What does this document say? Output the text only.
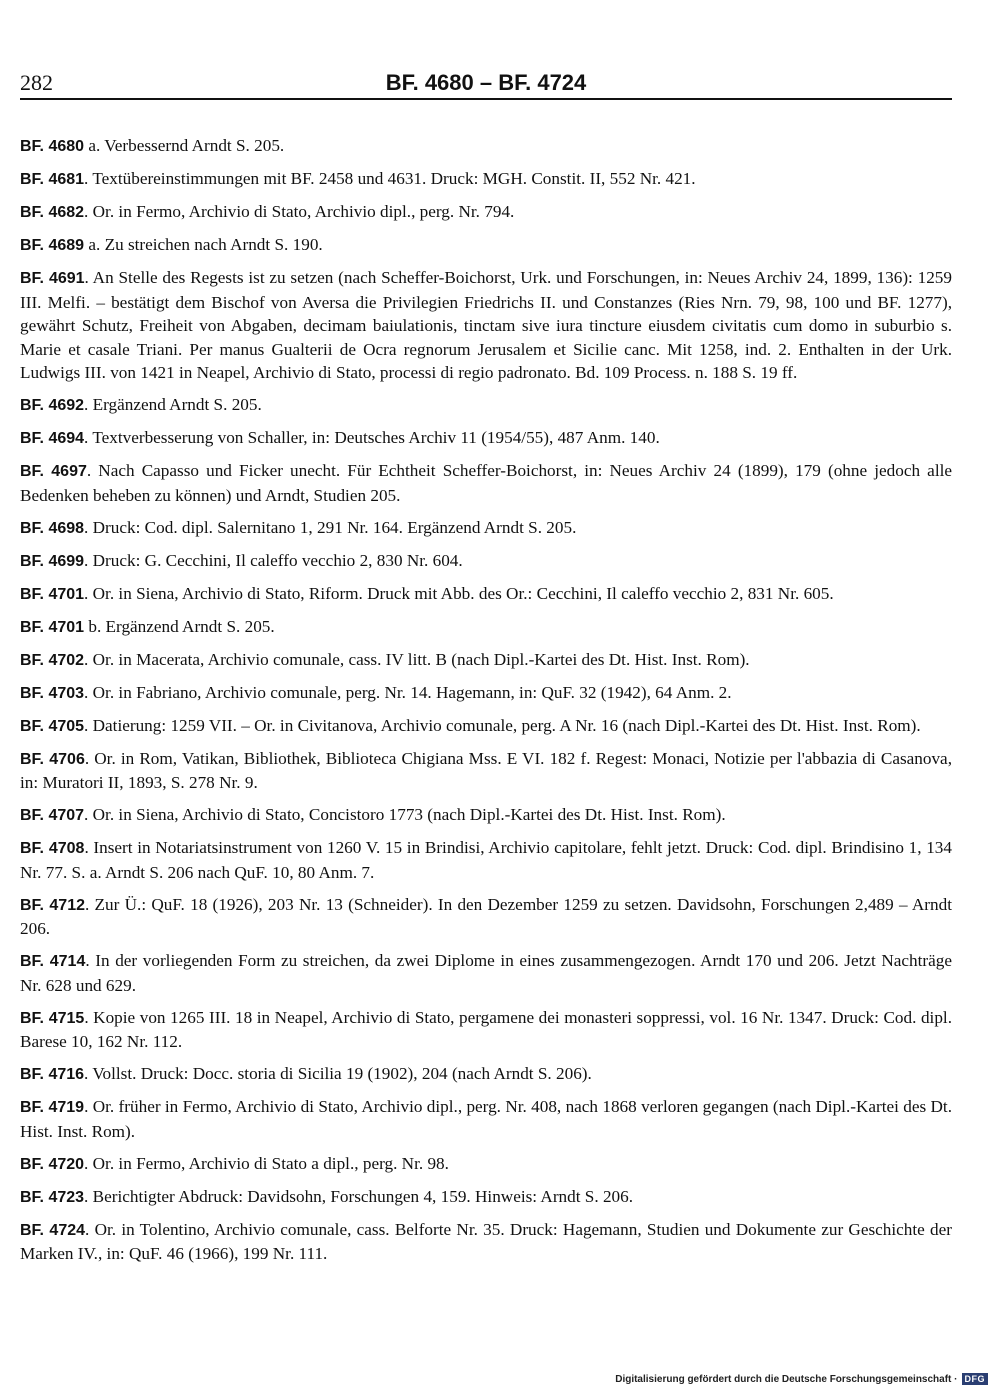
282	BF. 4680 – BF. 4724

BF. 4680 a. Verbessernd Arndt S. 205.

BF. 4681. Textübereinstimmungen mit BF. 2458 und 4631. Druck: MGH. Constit. II, 552 Nr. 421.

BF. 4682. Or. in Fermo, Archivio di Stato, Archivio dipl., perg. Nr. 794.

BF. 4689 a. Zu streichen nach Arndt S. 190.

BF. 4691. An Stelle des Regests ist zu setzen (nach Scheffer-Boichorst, Urk. und Forschungen, in: Neues Archiv 24, 1899, 136): 1259 III. Melfi. – bestätigt dem Bischof von Aversa die Privilegien Friedrichs II. und Constanzes (Ries Nrn. 79, 98, 100 und BF. 1277), gewährt Schutz, Freiheit von Abgaben, decimam baiulationis, tinctam sive iura tincture eiusdem civitatis cum domo in suburbio s. Marie et casale Triani. Per manus Gualterii de Ocra regnorum Jerusalem et Sicilie canc. Mit 1258, ind. 2. Enthalten in der Urk. Ludwigs III. von 1421 in Neapel, Archivio di Stato, processi di regio padronato. Bd. 109 Process. n. 188 S. 19 ff.

BF. 4692. Ergänzend Arndt S. 205.

BF. 4694. Textverbesserung von Schaller, in: Deutsches Archiv 11 (1954/55), 487 Anm. 140.

BF. 4697. Nach Capasso und Ficker unecht. Für Echtheit Scheffer-Boichorst, in: Neues Archiv 24 (1899), 179 (ohne jedoch alle Bedenken beheben zu können) und Arndt, Studien 205.

BF. 4698. Druck: Cod. dipl. Salernitano 1, 291 Nr. 164. Ergänzend Arndt S. 205.

BF. 4699. Druck: G. Cecchini, Il caleffo vecchio 2, 830 Nr. 604.

BF. 4701. Or. in Siena, Archivio di Stato, Riform. Druck mit Abb. des Or.: Cecchini, Il caleffo vecchio 2, 831 Nr. 605.

BF. 4701 b. Ergänzend Arndt S. 205.

BF. 4702. Or. in Macerata, Archivio comunale, cass. IV litt. B (nach Dipl.-Kartei des Dt. Hist. Inst. Rom).

BF. 4703. Or. in Fabriano, Archivio comunale, perg. Nr. 14. Hagemann, in: QuF. 32 (1942), 64 Anm. 2.

BF. 4705. Datierung: 1259 VII. – Or. in Civitanova, Archivio comunale, perg. A Nr. 16 (nach Dipl.-Kartei des Dt. Hist. Inst. Rom).

BF. 4706. Or. in Rom, Vatikan, Bibliothek, Biblioteca Chigiana Mss. E VI. 182 f. Regest: Monaci, Notizie per l'abbazia di Casanova, in: Muratori II, 1893, S. 278 Nr. 9.

BF. 4707. Or. in Siena, Archivio di Stato, Concistoro 1773 (nach Dipl.-Kartei des Dt. Hist. Inst. Rom).

BF. 4708. Insert in Notariatsinstrument von 1260 V. 15 in Brindisi, Archivio capitolare, fehlt jetzt. Druck: Cod. dipl. Brindisino 1, 134 Nr. 77. S. a. Arndt S. 206 nach QuF. 10, 80 Anm. 7.

BF. 4712. Zur Ü.: QuF. 18 (1926), 203 Nr. 13 (Schneider). In den Dezember 1259 zu setzen. Davidsohn, Forschungen 2,489 – Arndt 206.

BF. 4714. In der vorliegenden Form zu streichen, da zwei Diplome in eines zusammengezogen. Arndt 170 und 206. Jetzt Nachträge Nr. 628 und 629.

BF. 4715. Kopie von 1265 III. 18 in Neapel, Archivio di Stato, pergamene dei monasteri soppressi, vol. 16 Nr. 1347. Druck: Cod. dipl. Barese 10, 162 Nr. 112.

BF. 4716. Vollst. Druck: Docc. storia di Sicilia 19 (1902), 204 (nach Arndt S. 206).

BF. 4719. Or. früher in Fermo, Archivio di Stato, Archivio dipl., perg. Nr. 408, nach 1868 verloren gegangen (nach Dipl.-Kartei des Dt. Hist. Inst. Rom).

BF. 4720. Or. in Fermo, Archivio di Stato a dipl., perg. Nr. 98.

BF. 4723. Berichtigter Abdruck: Davidsohn, Forschungen 4, 159. Hinweis: Arndt S. 206.

BF. 4724. Or. in Tolentino, Archivio comunale, cass. Belforte Nr. 35. Druck: Hagemann, Studien und Dokumente zur Geschichte der Marken IV., in: QuF. 46 (1966), 199 Nr. 111.

Digitalisierung gefördert durch die Deutsche Forschungsgemeinschaft · DFG
